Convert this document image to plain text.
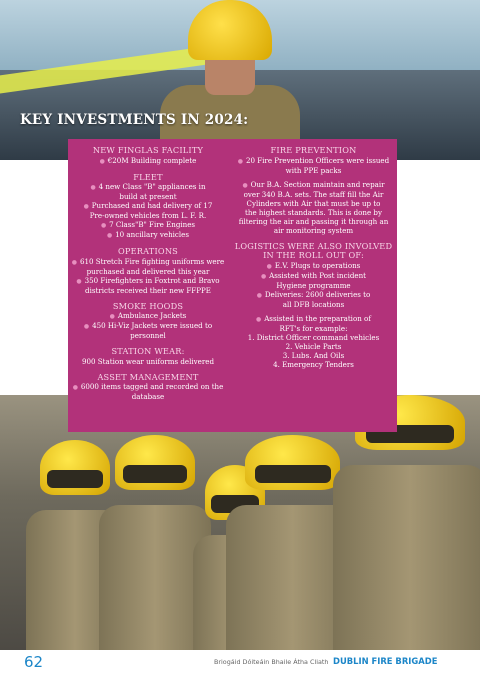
KEY INVESTMENTS IN 2024:
NEW FINGLAS FACILITY
● €20M Building complete
FLEET
● 4 new Class "B" appliances in
build at present
● Purchased and had delivery of 17
Pre-owned vehicles from L. F. R.
● 7 Class"B" Fire Engines
● 10 ancillary vehicles
OPERATIONS
● 610 Stretch Fire fighting uniforms were
purchased and delivered this year
● 350 Firefighters in Foxtrot and Bravo
districts received their new FFPPE
SMOKE HOODS
● Ambulance Jackets
● 450 Hi-Viz Jackets were issued to
personnel
STATION WEAR:
900 Station wear uniforms delivered
ASSET MANAGEMENT
● 6000 items tagged and recorded on the
database
FIRE PREVENTION
● 20 Fire Prevention Officers were issued
with PPE packs
● Our B.A. Section maintain and repair
over 340 B.A. sets. The staff fill the Air
Cylinders with Air that must be up to
the highest standards. This is done by
filtering the air and passing it through an
air monitoring system
LOGISTICS WERE ALSO INVOLVED IN THE ROLL OUT OF:
● E.V. Plugs to operations
● Assisted with Post incident
Hygiene programme
● Deliveries: 2600 deliveries to
all DFB locations
● Assisted in the preparation of
RFT's for example:
1. District Officer command vehicles
2. Vehicle Parts
3. Lubs. And Oils
4. Emergency Tenders
62	Briogáid Dóiteáin Bhaile Átha Cliath DUBLIN FIRE BRIGADE
